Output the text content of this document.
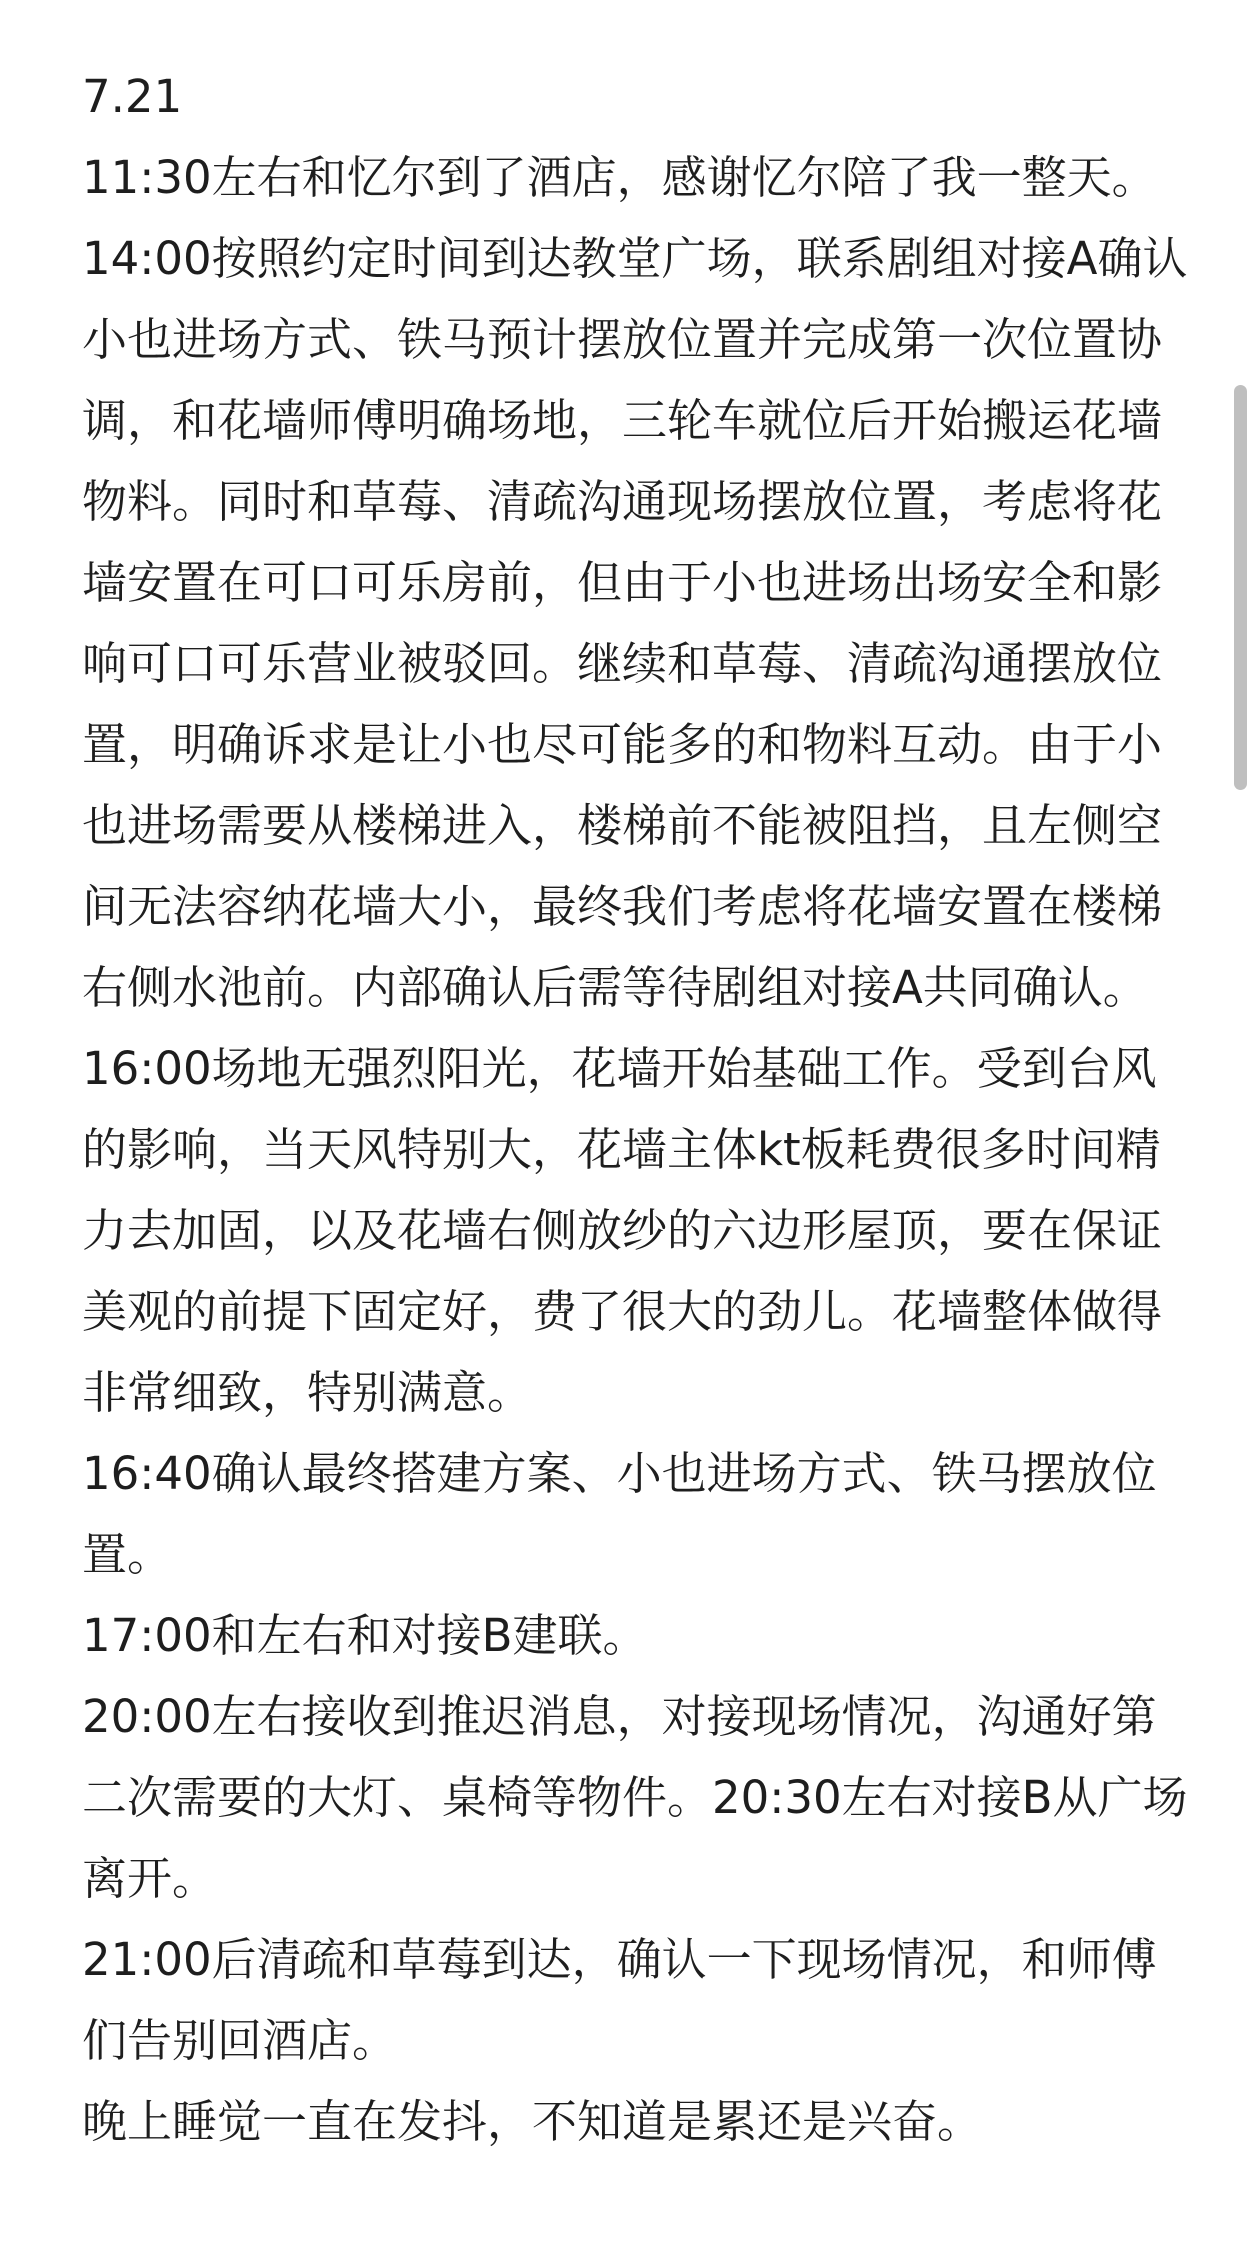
7.21

11:30左右和忆尔到了酒店，感谢忆尔陪了我一整天。

14:00按照约定时间到达教堂广场，联系剧组对接A确认小也进场方式、铁马预计摆放位置并完成第一次位置协调，和花墙师傅明确场地，三轮车就位后开始搬运花墙物料。同时和草莓、清疏沟通现场摆放位置，考虑将花墙安置在可口可乐房前，但由于小也进场出场安全和影响可口可乐营业被驳回。继续和草莓、清疏沟通摆放位置，明确诉求是让小也尽可能多的和物料互动。由于小也进场需要从楼梯进入，楼梯前不能被阻挡，且左侧空间无法容纳花墙大小，最终我们考虑将花墙安置在楼梯右侧水池前。内部确认后需等待剧组对接A共同确认。

16:00场地无强烈阳光，花墙开始基础工作。受到台风的影响，当天风特别大，花墙主体kt板耗费很多时间精力去加固，以及花墙右侧放纱的六边形屋顶，要在保证美观的前提下固定好，费了很大的劲儿。花墙整体做得非常细致，特别满意。

16:40确认最终搭建方案、小也进场方式、铁马摆放位置。

17:00和左右和对接B建联。

20:00左右接收到推迟消息，对接现场情况，沟通好第二次需要的大灯、桌椅等物件。20:30左右对接B从广场离开。

21:00后清疏和草莓到达，确认一下现场情况，和师傅们告别回酒店。

晚上睡觉一直在发抖，不知道是累还是兴奋。
